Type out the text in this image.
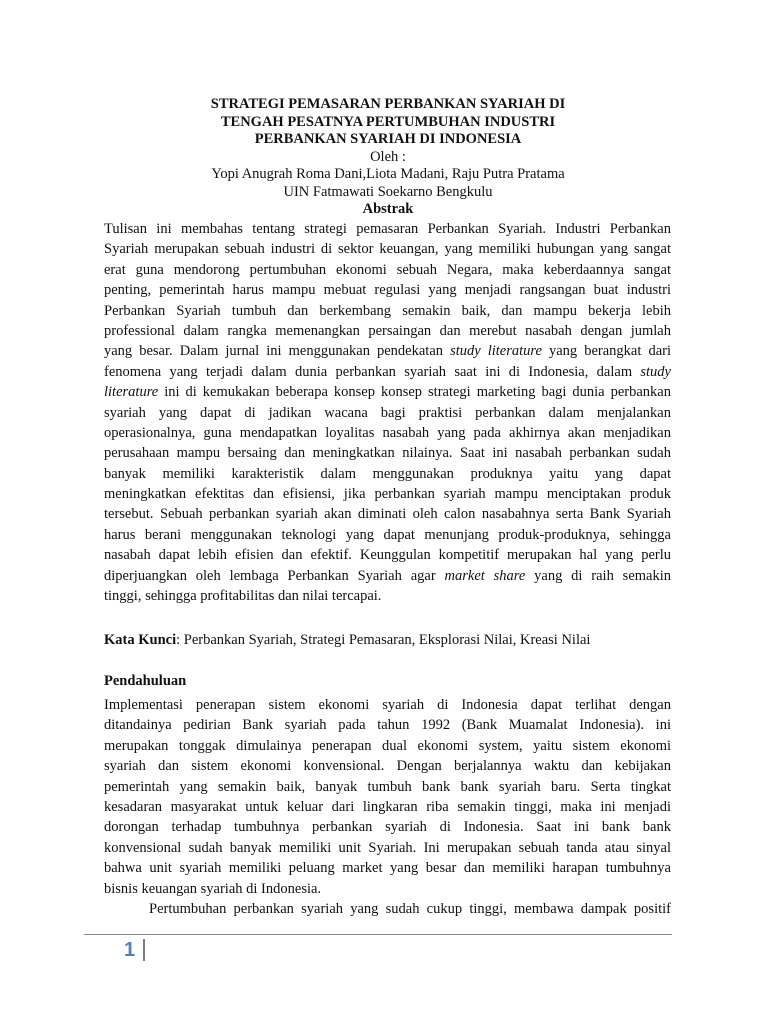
STRATEGI PEMASARAN PERBANKAN SYARIAH DI
TENGAH PESATNYA PERTUMBUHAN INDUSTRI
PERBANKAN SYARIAH DI INDONESIA
Oleh :
Yopi Anugrah Roma Dani,Liota Madani, Raju Putra Pratama
UIN Fatmawati Soekarno Bengkulu
Abstrak
Tulisan ini membahas tentang strategi pemasaran Perbankan Syariah. Industri Perbankan
Syariah merupakan sebuah industri di sektor keuangan, yang memiliki hubungan yang sangat
erat guna mendorong pertumbuhan ekonomi sebuah Negara, maka keberdaannya sangat
penting, pemerintah harus mampu mebuat regulasi yang menjadi rangsangan buat industri
Perbankan Syariah tumbuh dan berkembang semakin baik, dan mampu bekerja lebih
professional dalam rangka memenangkan persaingan dan merebut nasabah dengan jumlah
yang besar. Dalam jurnal ini menggunakan pendekatan study literature yang berangkat dari
fenomena yang terjadi dalam dunia perbankan syariah saat ini di Indonesia, dalam study
literature ini di kemukakan beberapa konsep konsep strategi marketing bagi dunia perbankan
syariah yang dapat di jadikan wacana bagi praktisi perbankan dalam menjalankan
operasionalnya, guna mendapatkan loyalitas nasabah yang pada akhirnya akan menjadikan
perusahaan mampu bersaing dan meningkatkan nilainya. Saat ini nasabah perbankan sudah
banyak memiliki karakteristik dalam menggunakan produknya yaitu yang dapat
meningkatkan efektitas dan efisiensi, jika perbankan syariah mampu menciptakan produk
tersebut. Sebuah perbankan syariah akan diminati oleh calon nasabahnya serta Bank Syariah
harus berani menggunakan teknologi yang dapat menunjang produk-produknya, sehingga
nasabah dapat lebih efisien dan efektif. Keunggulan kompetitif merupakan hal yang perlu
diperjuangkan oleh lembaga Perbankan Syariah agar market share yang di raih semakin
tinggi, sehingga profitabilitas dan nilai tercapai.
Kata Kunci: Perbankan Syariah, Strategi Pemasaran, Eksplorasi Nilai, Kreasi Nilai
Pendahuluan
Implementasi penerapan sistem ekonomi syariah di Indonesia dapat terlihat dengan
ditandainya pedirian Bank syariah pada tahun 1992 (Bank Muamalat Indonesia). ini
merupakan tonggak dimulainya penerapan dual ekonomi system, yaitu sistem ekonomi
syariah dan sistem ekonomi konvensional. Dengan berjalannya waktu dan kebijakan
pemerintah yang semakin baik, banyak tumbuh bank bank syariah baru. Serta tingkat
kesadaran masyarakat untuk keluar dari lingkaran riba semakin tinggi, maka ini menjadi
dorongan terhadap tumbuhnya perbankan syariah di Indonesia. Saat ini bank bank
konvensional sudah banyak memiliki unit Syariah. Ini merupakan sebuah tanda atau sinyal
bahwa unit syariah memiliki peluang market yang besar dan memiliki harapan tumbuhnya
bisnis keuangan syariah di Indonesia.
Pertumbuhan perbankan syariah yang sudah cukup tinggi, membawa dampak positif
1
